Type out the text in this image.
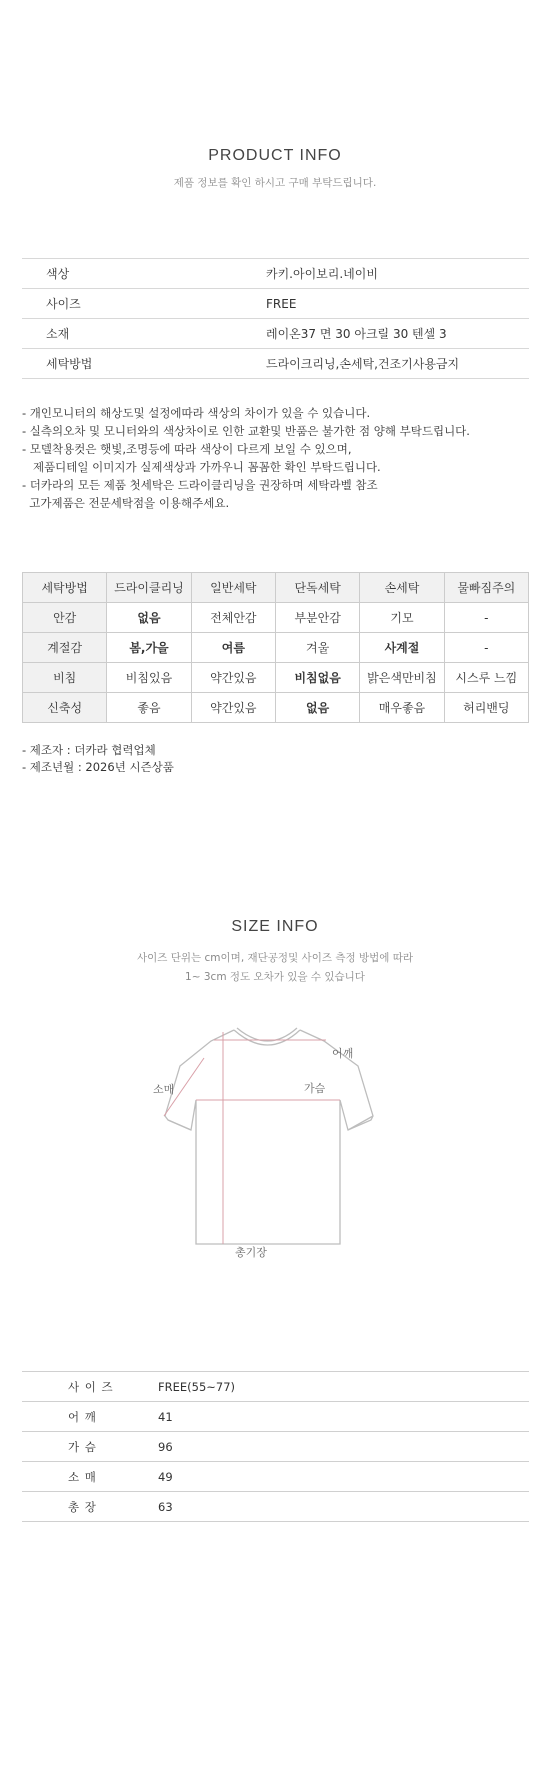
PRODUCT INFO
제품 정보를 확인 하시고 구매 부탁드립니다.
색상	카키.아이보리.네이비
사이즈	FREE
소재	레이온37 면 30 아크릴 30 텐셀 3
세탁방법	드라이크리닝,손세탁,건조기사용금지
- 개인모니터의 해상도및 설정에따라 색상의 차이가 있을 수 있습니다.
- 실측의오차 및 모니터와의 색상차이로 인한 교환및 반품은 불가한 점 양해 부탁드립니다.
- 모델착용컷은 햇빛,조명등에 따라 색상이 다르게 보일 수 있으며,
제품디테일 이미지가 실제색상과 가까우니 꼼꼼한 확인 부탁드립니다.
- 더카라의 모든 제품 첫세탁은 드라이클리닝을 권장하며 세탁라벨 참조
고가제품은 전문세탁점을 이용해주세요.
세탁방법	드라이클리닝	일반세탁	단독세탁	손세탁	물빠짐주의
안감	없음	전체안감	부분안감	기모	-
계절감	봄,가을	여름	겨울	사계절	-
비침	비침있음	약간있음	비침없음	밝은색만비침	시스루 느낌
신축성	좋음	약간있음	없음	매우좋음	허리밴딩
- 제조자 : 더카라 협력업체
- 제조년월 : 2026년 시즌상품
SIZE INFO
사이즈 단위는 cm이며, 재단공정및 사이즈 측정 방법에 따라
1~ 3cm 정도 오차가 있을 수 있습니다
어깨
소매	가슴
총기장
사 이 즈	FREE(55~77)
어 깨	41
가 슴	96
소 매	49
총 장	63
